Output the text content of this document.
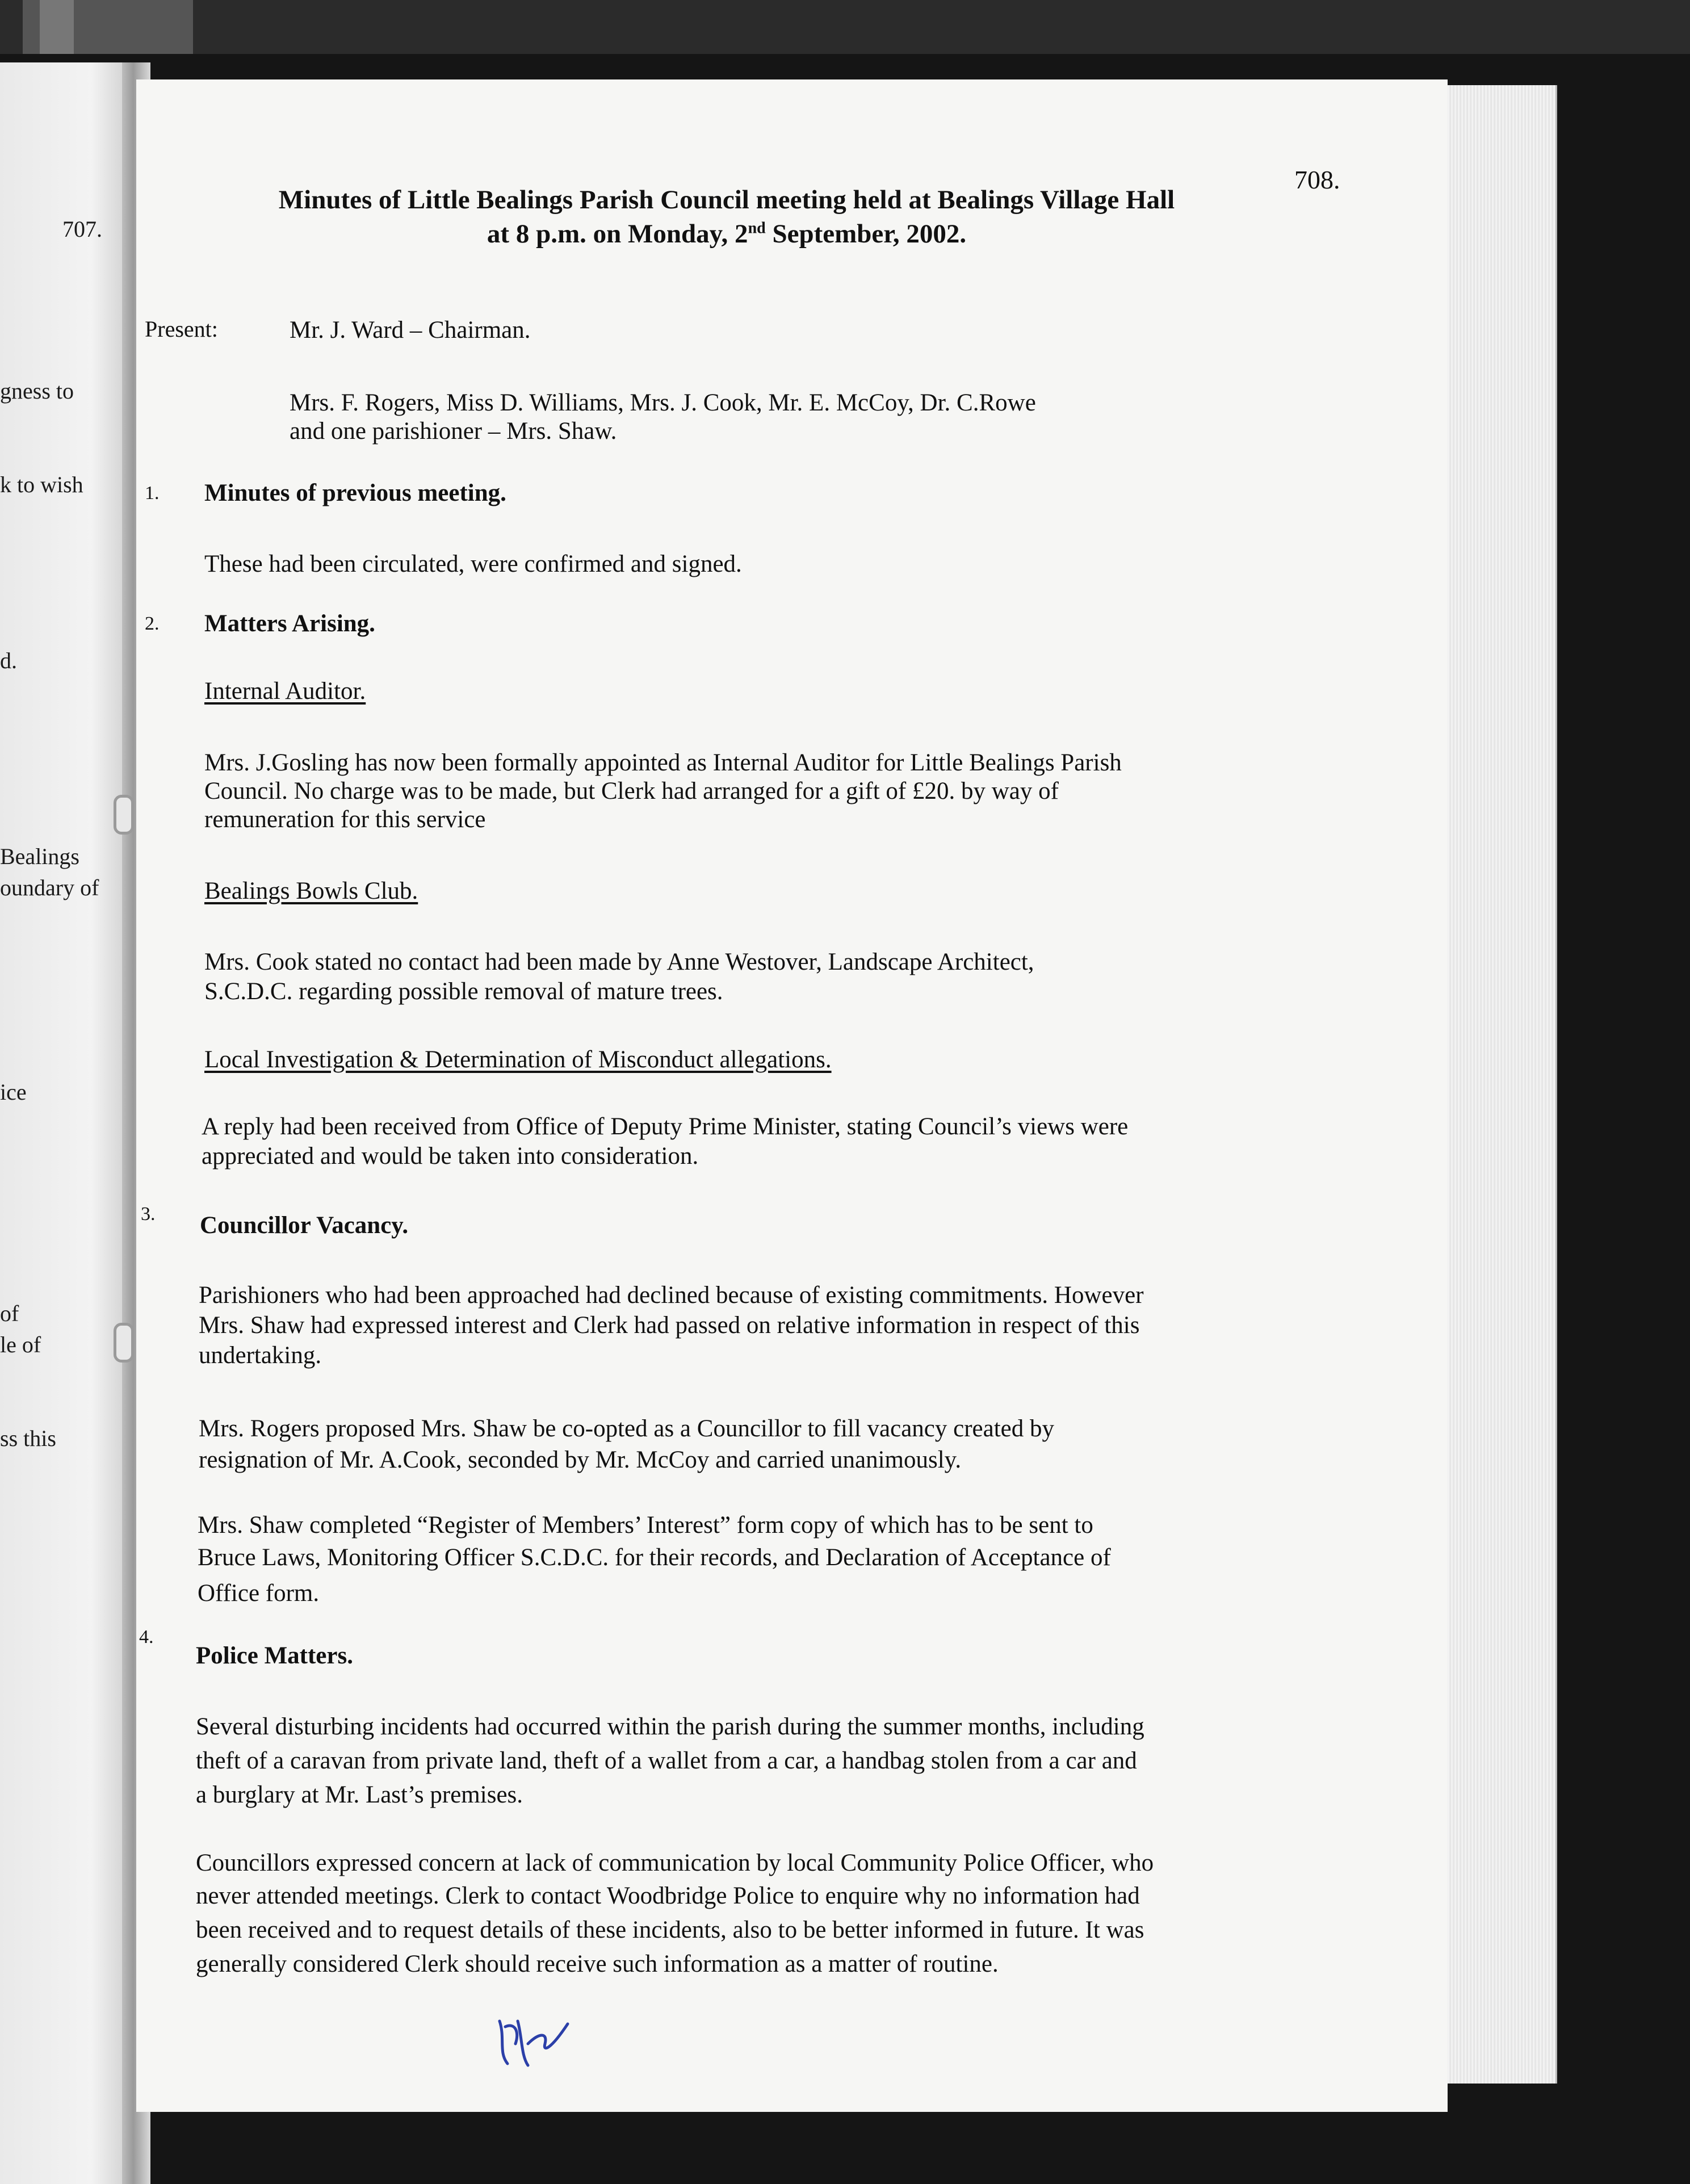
707.
gness to
k to wish
d.
Bealings
oundary of
ice
of
le of
ss this
708.
Minutes of Little Bealings Parish Council meeting held at Bealings Village Hall
at 8 p.m. on Monday, 2nd September, 2002.
Present:	Mr. J. Ward – Chairman.
Mrs. F. Rogers, Miss D. Williams, Mrs. J. Cook, Mr. E. McCoy, Dr. C.Rowe
and one parishioner – Mrs. Shaw.
1. Minutes of previous meeting.
These had been circulated, were confirmed and signed.
2. Matters Arising.
Internal Auditor.
Mrs. J.Gosling has now been formally appointed as Internal Auditor for Little Bealings Parish
Council. No charge was to be made, but Clerk had arranged for a gift of £20. by way of
remuneration for this service
Bealings Bowls Club.
Mrs. Cook stated no contact had been made by Anne Westover, Landscape Architect,
S.C.D.C. regarding possible removal of mature trees.
Local Investigation & Determination of Misconduct allegations.
A reply had been received from Office of Deputy Prime Minister, stating Council’s views were
appreciated and would be taken into consideration.
3. Councillor Vacancy.
Parishioners who had been approached had declined because of existing commitments. However
Mrs. Shaw had expressed interest and Clerk had passed on relative information in respect of this
undertaking.
Mrs. Rogers proposed Mrs. Shaw be co-opted as a Councillor to fill vacancy created by
resignation of Mr. A.Cook, seconded by Mr. McCoy and carried unanimously.
Mrs. Shaw completed “Register of Members’ Interest” form copy of which has to be sent to
Bruce Laws, Monitoring Officer S.C.D.C. for their records, and Declaration of Acceptance of
Office form.
4.
Police Matters.
Several disturbing incidents had occurred within the parish during the summer months, including
theft of a caravan from private land, theft of a wallet from a car, a handbag stolen from a car and
a burglary at Mr. Last’s premises.
Councillors expressed concern at lack of communication by local Community Police Officer, who
never attended meetings. Clerk to contact Woodbridge Police to enquire why no information had
been received and to request details of these incidents, also to be better informed in future. It was
generally considered Clerk should receive such information as a matter of routine.
